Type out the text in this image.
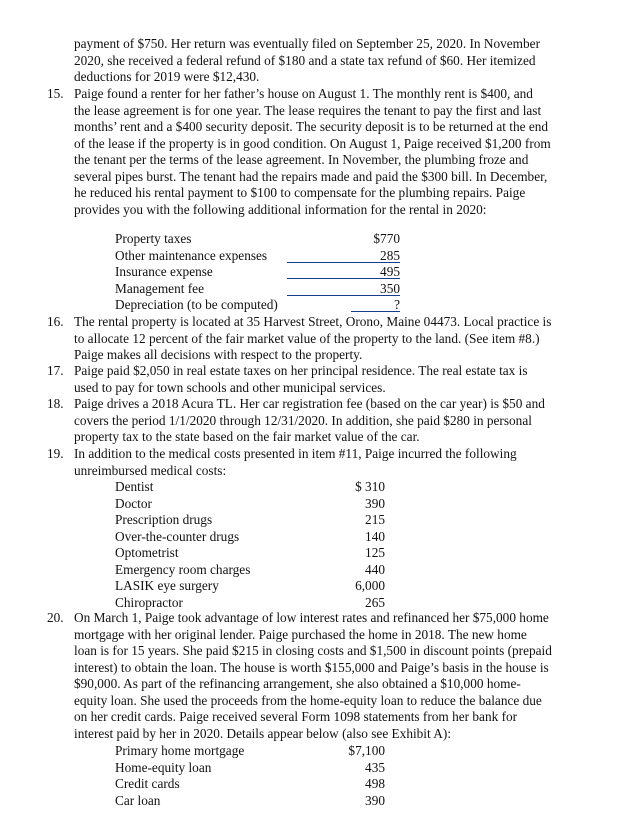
payment of $750. Her return was eventually filed on September 25, 2020. In November
2020, she received a federal refund of $180 and a state tax refund of $60. Her itemized
deductions for 2019 were $12,430.
15. Paige found a renter for her father’s house on August 1. The monthly rent is $400, and
the lease agreement is for one year. The lease requires the tenant to pay the first and last
months’ rent and a $400 security deposit. The security deposit is to be returned at the end
of the lease if the property is in good condition. On August 1, Paige received $1,200 from
the tenant per the terms of the lease agreement. In November, the plumbing froze and
several pipes burst. The tenant had the repairs made and paid the $300 bill. In December,
he reduced his rental payment to $100 to compensate for the plumbing repairs. Paige
provides you with the following additional information for the rental in 2020:
Property taxes	$770
Other maintenance expenses	285
Insurance expense	495
Management fee	350
Depreciation (to be computed)	?
16. The rental property is located at 35 Harvest Street, Orono, Maine 04473. Local practice is
to allocate 12 percent of the fair market value of the property to the land. (See item #8.)
Paige makes all decisions with respect to the property.
17. Paige paid $2,050 in real estate taxes on her principal residence. The real estate tax is
used to pay for town schools and other municipal services.
18. Paige drives a 2018 Acura TL. Her car registration fee (based on the car year) is $50 and
covers the period 1/1/2020 through 12/31/2020. In addition, she paid $280 in personal
property tax to the state based on the fair market value of the car.
19. In addition to the medical costs presented in item #11, Paige incurred the following
unreimbursed medical costs:
Dentist	$ 310
Doctor	390
Prescription drugs	215
Over-the-counter drugs	140
Optometrist	125
Emergency room charges	440
LASIK eye surgery	6,000
Chiropractor	265
20. On March 1, Paige took advantage of low interest rates and refinanced her $75,000 home
mortgage with her original lender. Paige purchased the home in 2018. The new home
loan is for 15 years. She paid $215 in closing costs and $1,500 in discount points (prepaid
interest) to obtain the loan. The house is worth $155,000 and Paige’s basis in the house is
$90,000. As part of the refinancing arrangement, she also obtained a $10,000 home-
equity loan. She used the proceeds from the home-equity loan to reduce the balance due
on her credit cards. Paige received several Form 1098 statements from her bank for
interest paid by her in 2020. Details appear below (also see Exhibit A):
Primary home mortgage	$7,100
Home-equity loan	435
Credit cards	498
Car loan	390
